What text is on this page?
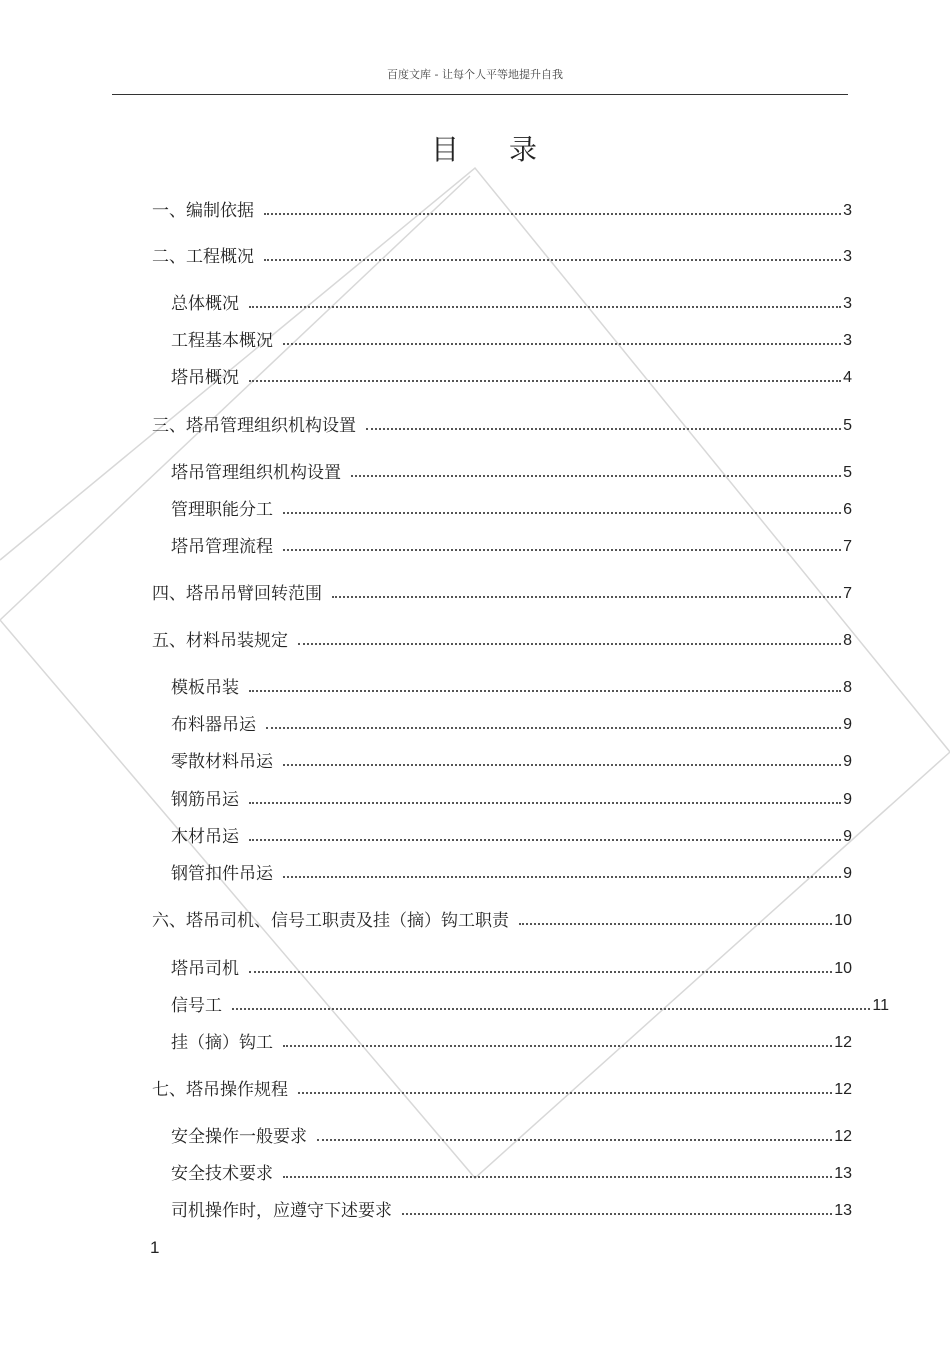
百度文库 - 让每个人平等地提升自我
目录
一、编制依据	3
二、工程概况	3
总体概况	3
工程基本概况	3
塔吊概况	4
三、塔吊管理组织机构设置	5
塔吊管理组织机构设置	5
管理职能分工	6
塔吊管理流程	7
四、塔吊吊臂回转范围	7
五、材料吊装规定	8
模板吊装	8
布料器吊运	9
零散材料吊运	9
钢筋吊运	9
木材吊运	9
钢管扣件吊运	9
六、塔吊司机、信号工职责及挂（摘）钩工职责	10
塔吊司机	10
信号工	11
挂（摘）钩工	12
七、塔吊操作规程	12
安全操作一般要求	12
安全技术要求	13
司机操作时，应遵守下述要求	13
1
